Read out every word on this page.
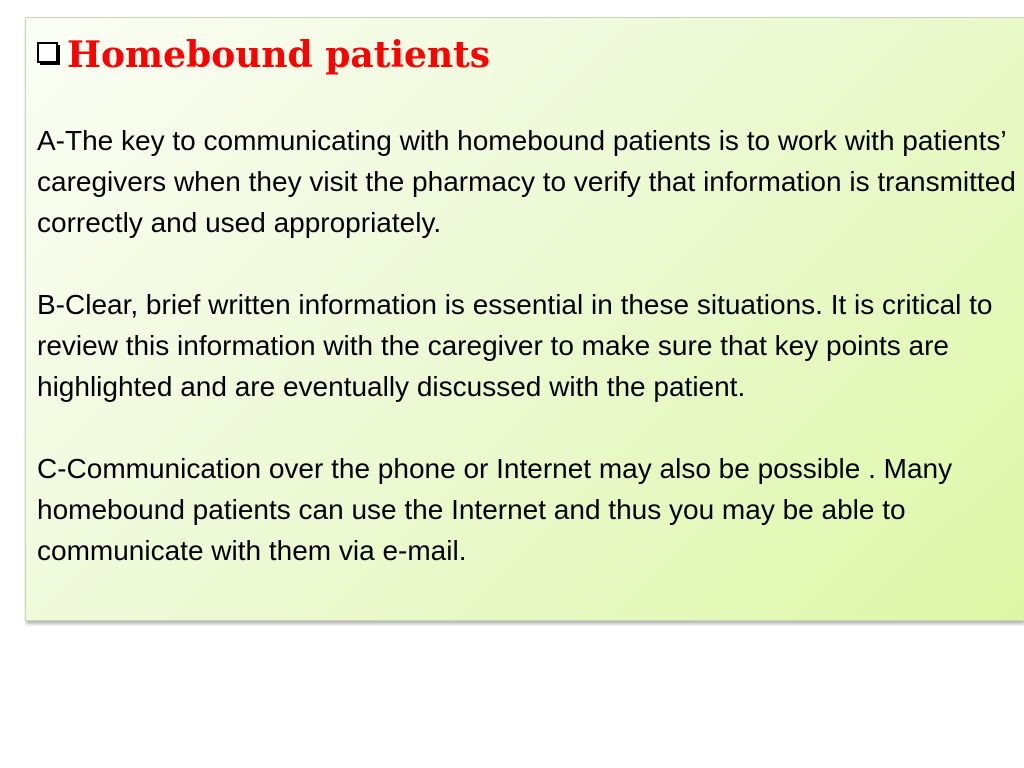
Homebound patients

A-The key to communicating with homebound patients is to work with patients’ caregivers when they visit the pharmacy to verify that information is transmitted correctly and used appropriately.

B-Clear, brief written information is essential in these situations. It is critical to review this information with the caregiver to make sure that key points are highlighted and are eventually discussed with the patient.

C-Communication over the phone or Internet may also be possible . Many homebound patients can use the Internet and thus you may be able to communicate with them via e-mail.
